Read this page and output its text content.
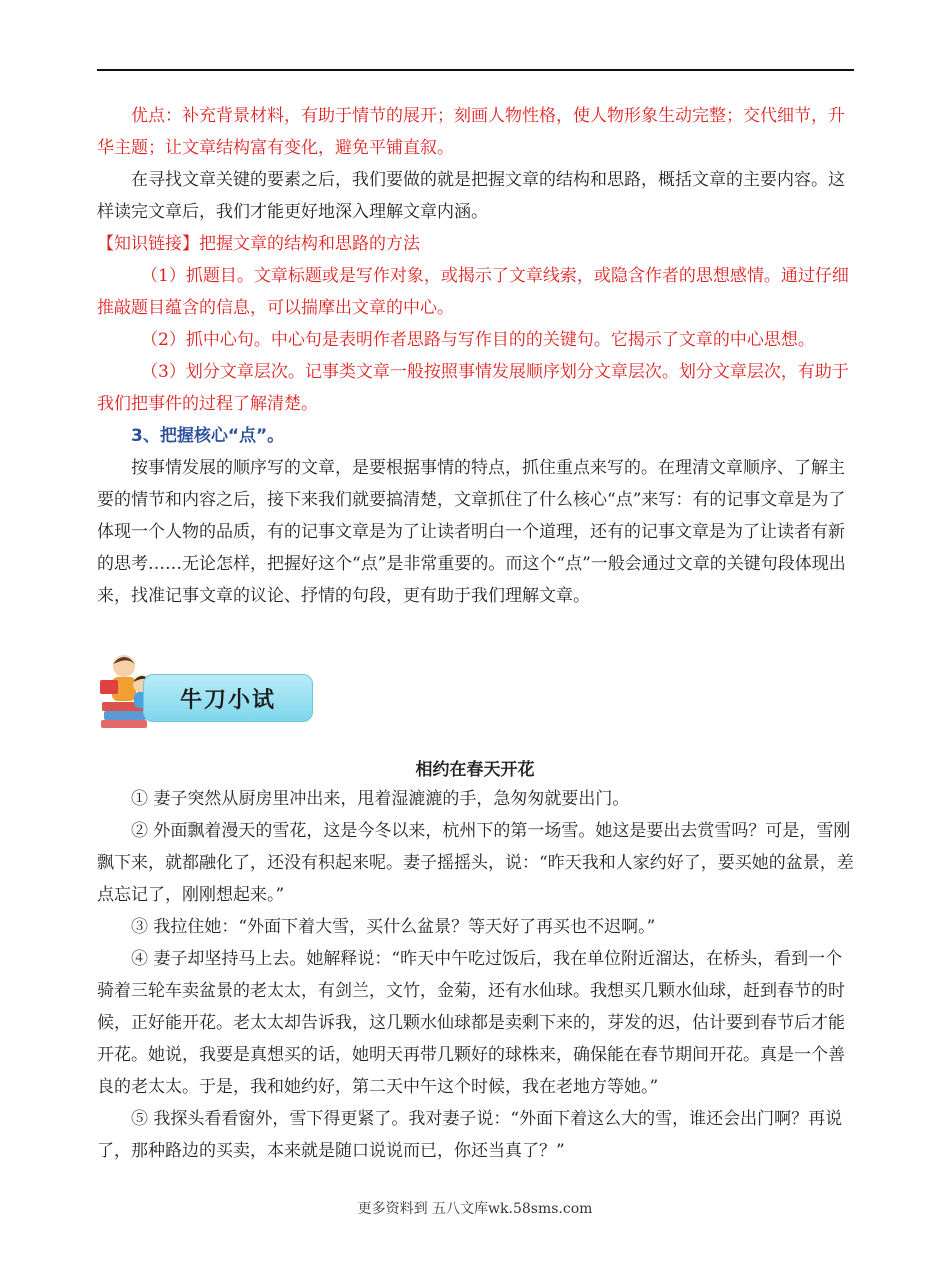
优点：补充背景材料，有助于情节的展开；刻画人物性格，使人物形象生动完整；交代细节，升华主题；让文章结构富有变化，避免平铺直叙。

在寻找文章关键的要素之后，我们要做的就是把握文章的结构和思路，概括文章的主要内容。这样读完文章后，我们才能更好地深入理解文章内涵。

【知识链接】把握文章的结构和思路的方法

（1）抓题目。文章标题或是写作对象，或揭示了文章线索，或隐含作者的思想感情。通过仔细推敲题目蕴含的信息，可以揣摩出文章的中心。

（2）抓中心句。中心句是表明作者思路与写作目的的关键句。它揭示了文章的中心思想。

（3）划分文章层次。记事类文章一般按照事情发展顺序划分文章层次。划分文章层次，有助于我们把事件的过程了解清楚。

3、把握核心“点”。

按事情发展的顺序写的文章，是要根据事情的特点，抓住重点来写的。在理清文章顺序、了解主要的情节和内容之后，接下来我们就要搞清楚，文章抓住了什么核心“点”来写：有的记事文章是为了体现一个人物的品质，有的记事文章是为了让读者明白一个道理，还有的记事文章是为了让读者有新的思考……无论怎样，把握好这个“点”是非常重要的。而这个“点”一般会通过文章的关键句段体现出来，找准记事文章的议论、抒情的句段，更有助于我们理解文章。

牛刀小试
相约在春天开花

① 妻子突然从厨房里冲出来，甩着湿漉漉的手，急匆匆就要出门。

② 外面飘着漫天的雪花，这是今冬以来，杭州下的第一场雪。她这是要出去赏雪吗？可是，雪刚飘下来，就都融化了，还没有积起来呢。妻子摇摇头，说：“昨天我和人家约好了，要买她的盆景，差点忘记了，刚刚想起来。”

③ 我拉住她：“外面下着大雪，买什么盆景？等天好了再买也不迟啊。”

④ 妻子却坚持马上去。她解释说：“昨天中午吃过饭后，我在单位附近溜达，在桥头，看到一个骑着三轮车卖盆景的老太太，有剑兰，文竹，金菊，还有水仙球。我想买几颗水仙球，赶到春节的时候，正好能开花。老太太却告诉我，这几颗水仙球都是卖剩下来的，芽发的迟，估计要到春节后才能开花。她说，我要是真想买的话，她明天再带几颗好的球株来，确保能在春节期间开花。真是一个善良的老太太。于是，我和她约好，第二天中午这个时候，我在老地方等她。”

⑤ 我探头看看窗外，雪下得更紧了。我对妻子说：“外面下着这么大的雪，谁还会出门啊？再说了，那种路边的买卖，本来就是随口说说而已，你还当真了？”

更多资料到 五八文库wk.58sms.com
